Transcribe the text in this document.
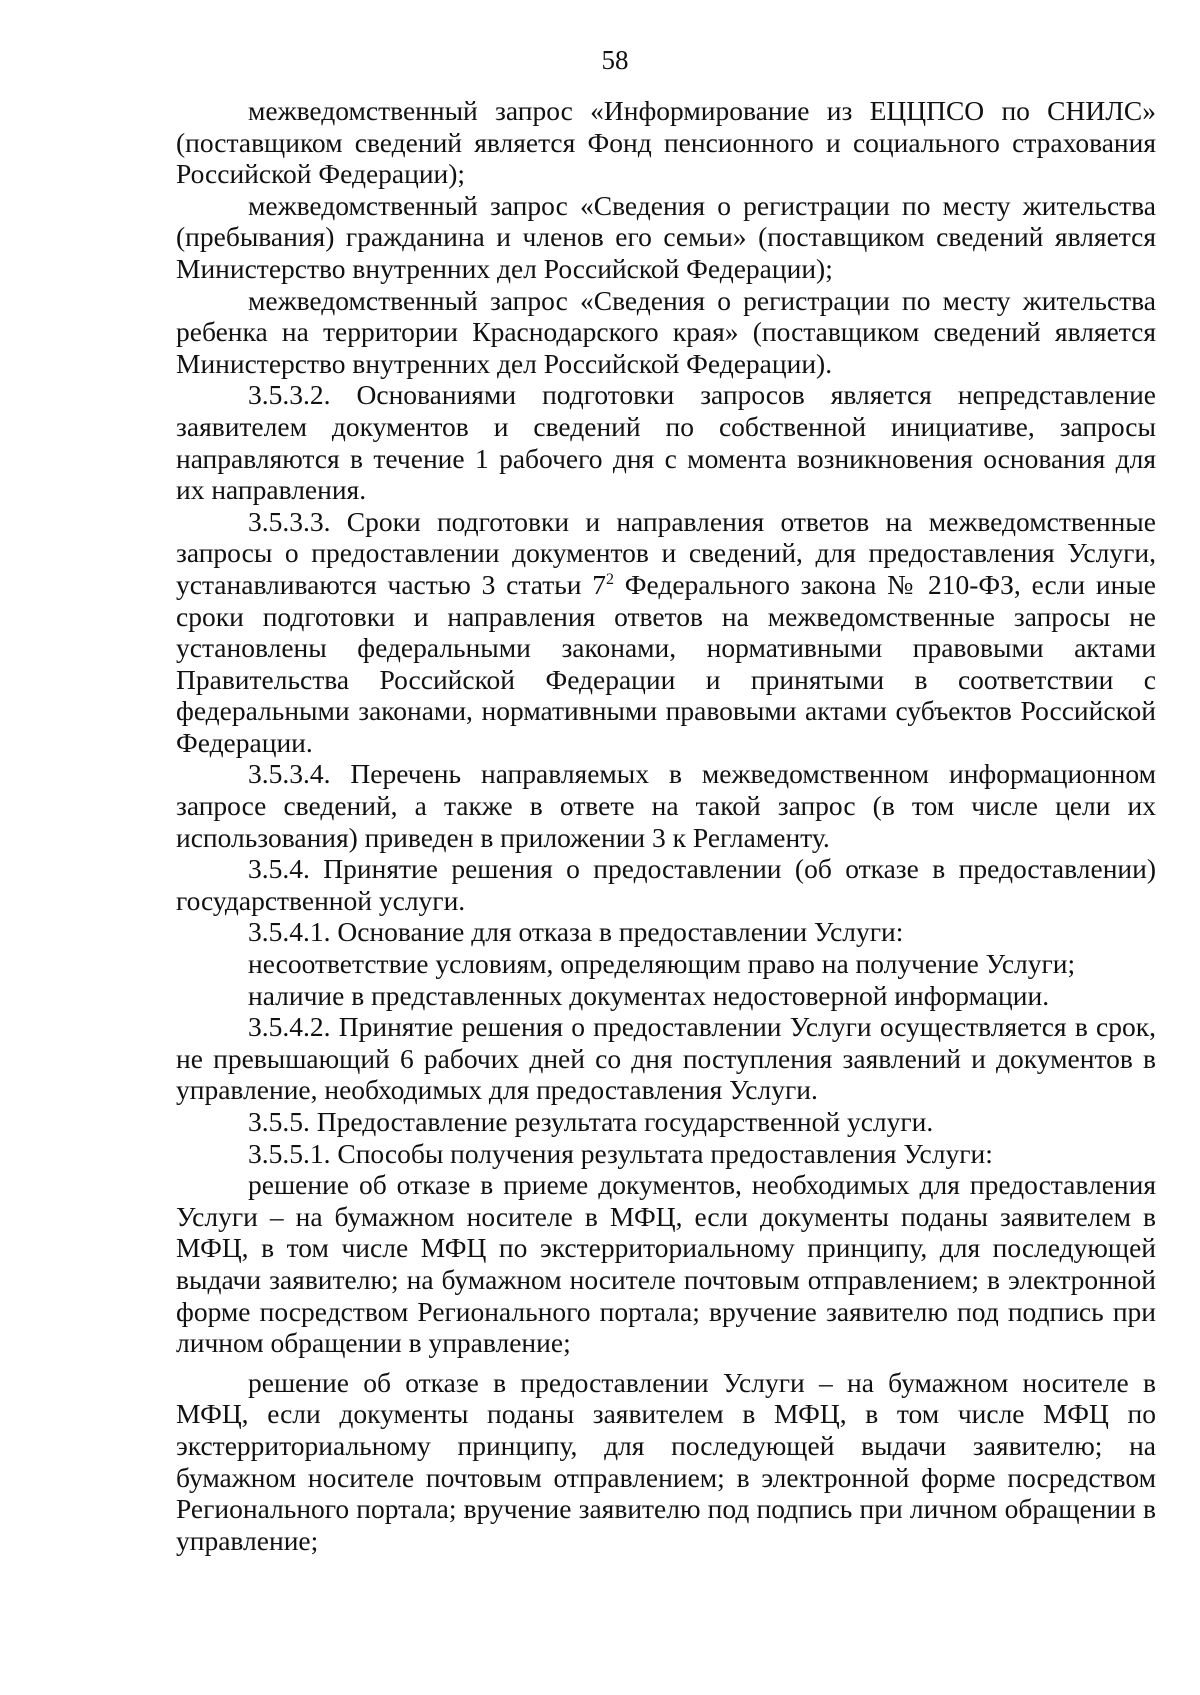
58

межведомственный запрос «Информирование из ЕЦЦПСО по СНИЛС» (поставщиком сведений является Фонд пенсионного и социального страхования Российской Федерации);

межведомственный запрос «Сведения о регистрации по месту жительства (пребывания) гражданина и членов его семьи» (поставщиком сведений является Министерство внутренних дел Российской Федерации);

межведомственный запрос «Сведения о регистрации по месту жительства ребенка на территории Краснодарского края» (поставщиком сведений является Министерство внутренних дел Российской Федерации).

3.5.3.2. Основаниями подготовки запросов является непредставление заявителем документов и сведений по собственной инициативе, запросы направляются в течение 1 рабочего дня с момента возникновения основания для их направления.

3.5.3.3. Сроки подготовки и направления ответов на межведомственные запросы о предоставлении документов и сведений, для предоставления Услуги, устанавливаются частью 3 статьи $7^2$ Федерального закона № 210-ФЗ, если иные сроки подготовки и направления ответов на межведомственные запросы не установлены федеральными законами, нормативными правовыми актами Правительства Российской Федерации и принятыми в соответствии с федеральными законами, нормативными правовыми актами субъектов Российской Федерации.

3.5.3.4. Перечень направляемых в межведомственном информационном запросе сведений, а также в ответе на такой запрос (в том числе цели их использования) приведен в приложении 3 к Регламенту.

3.5.4. Принятие решения о предоставлении (об отказе в предоставлении) государственной услуги.

3.5.4.1. Основание для отказа в предоставлении Услуги:

несоответствие условиям, определяющим право на получение Услуги;

наличие в представленных документах недостоверной информации.

3.5.4.2. Принятие решения о предоставлении Услуги осуществляется в срок, не превышающий 6 рабочих дней со дня поступления заявлений и документов в управление, необходимых для предоставления Услуги.

3.5.5. Предоставление результата государственной услуги.

3.5.5.1. Способы получения результата предоставления Услуги:

решение об отказе в приеме документов, необходимых для предоставления Услуги – на бумажном носителе в МФЦ, если документы поданы заявителем в МФЦ, в том числе МФЦ по экстерриториальному принципу, для последующей выдачи заявителю; на бумажном носителе почтовым отправлением; в электронной форме посредством Регионального портала; вручение заявителю под подпись при личном обращении в управление;

решение об отказе в предоставлении Услуги – на бумажном носителе в МФЦ, если документы поданы заявителем в МФЦ, в том числе МФЦ по экстерриториальному принципу, для последующей выдачи заявителю; на бумажном носителе почтовым отправлением; в электронной форме посредством Регионального портала; вручение заявителю под подпись при личном обращении в управление;
